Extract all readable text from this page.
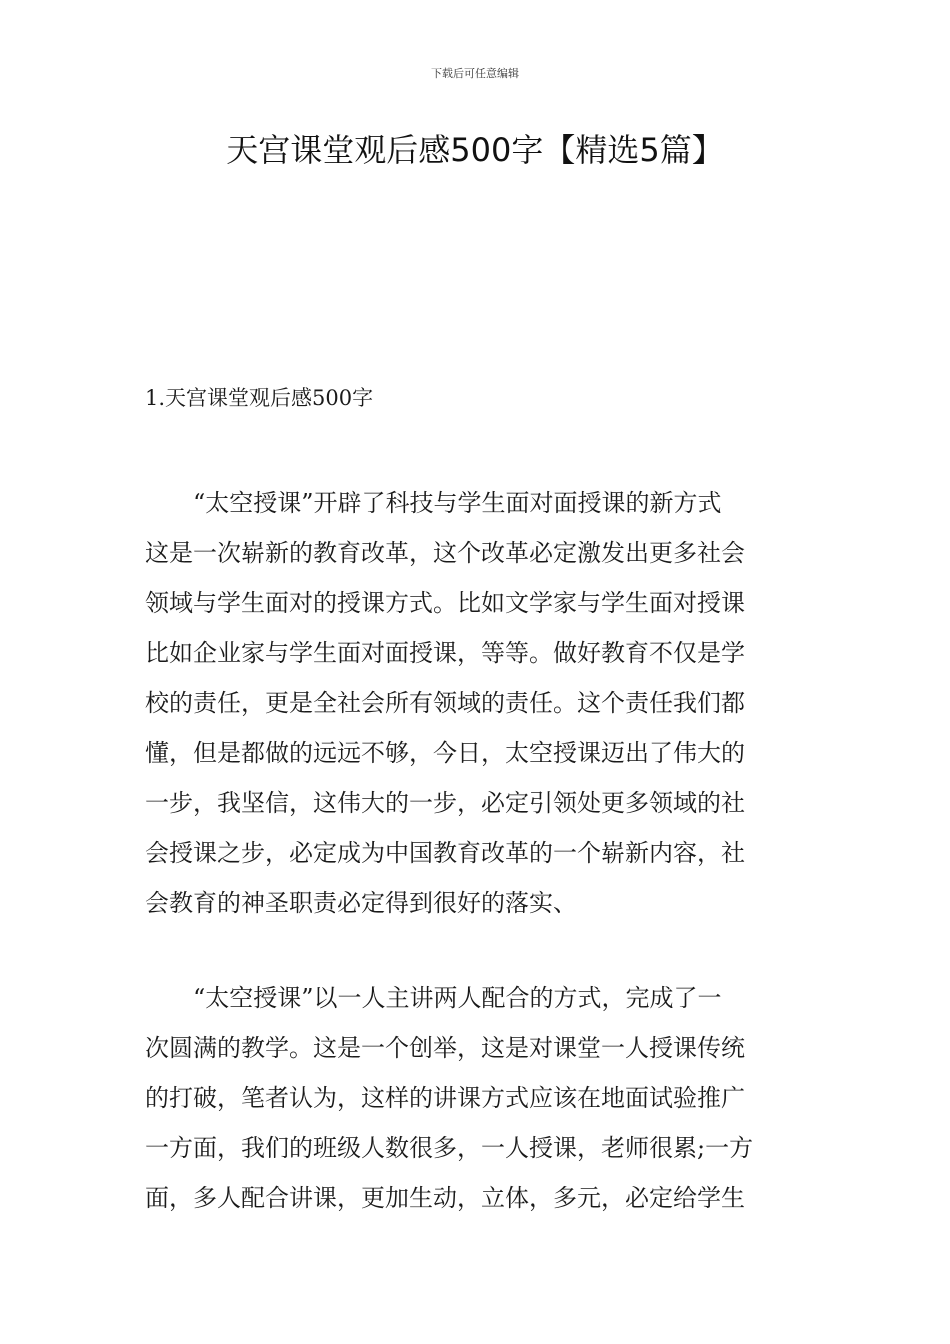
下载后可任意编辑
天宫课堂观后感500字【精选5篇】
1.天宫课堂观后感500字
　　“太空授课”开辟了科技与学生面对面授课的新方式
这是一次崭新的教育改革，这个改革必定激发出更多社会
领域与学生面对的授课方式。比如文学家与学生面对授课
比如企业家与学生面对面授课，等等。做好教育不仅是学
校的责任，更是全社会所有领域的责任。这个责任我们都
懂，但是都做的远远不够，今日，太空授课迈出了伟大的
一步，我坚信，这伟大的一步，必定引领处更多领域的社
会授课之步，必定成为中国教育改革的一个崭新内容，社
会教育的神圣职责必定得到很好的落实、
　　“太空授课”以一人主讲两人配合的方式，完成了一
次圆满的教学。这是一个创举，这是对课堂一人授课传统
的打破，笔者认为，这样的讲课方式应该在地面试验推广
一方面，我们的班级人数很多，一人授课，老师很累;一方
面，多人配合讲课，更加生动，立体，多元，必定给学生
